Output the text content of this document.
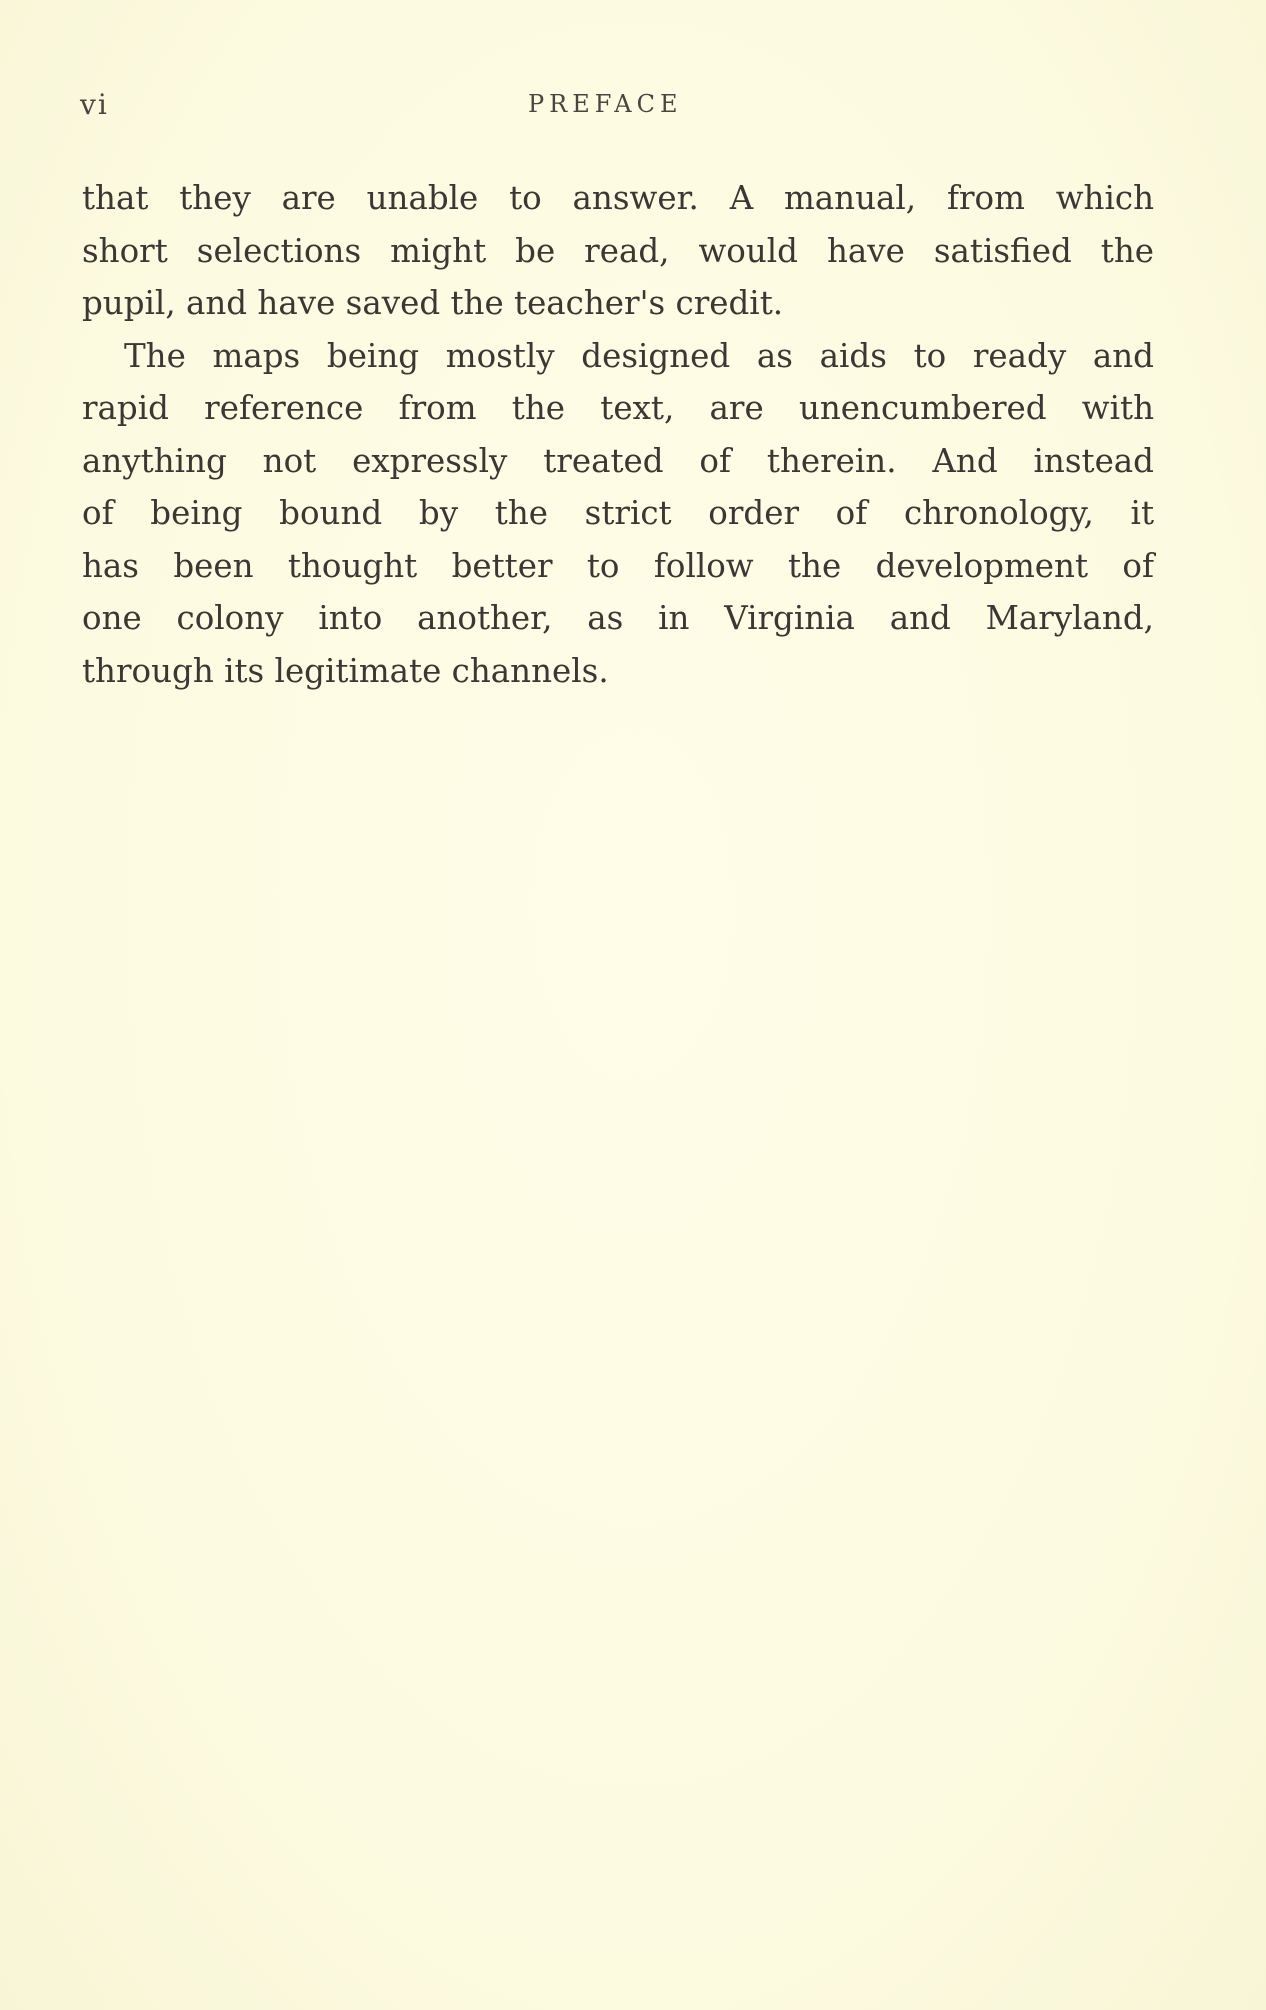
vi	PREFACE
that they are unable to answer. A manual, from which
short selections might be read, would have satisfied the
pupil, and have saved the teacher's credit.
The maps being mostly designed as aids to ready and
rapid reference from the text, are unencumbered with
anything not expressly treated of therein. And instead
of being bound by the strict order of chronology, it
has been thought better to follow the development of
one colony into another, as in Virginia and Maryland,
through its legitimate channels.
